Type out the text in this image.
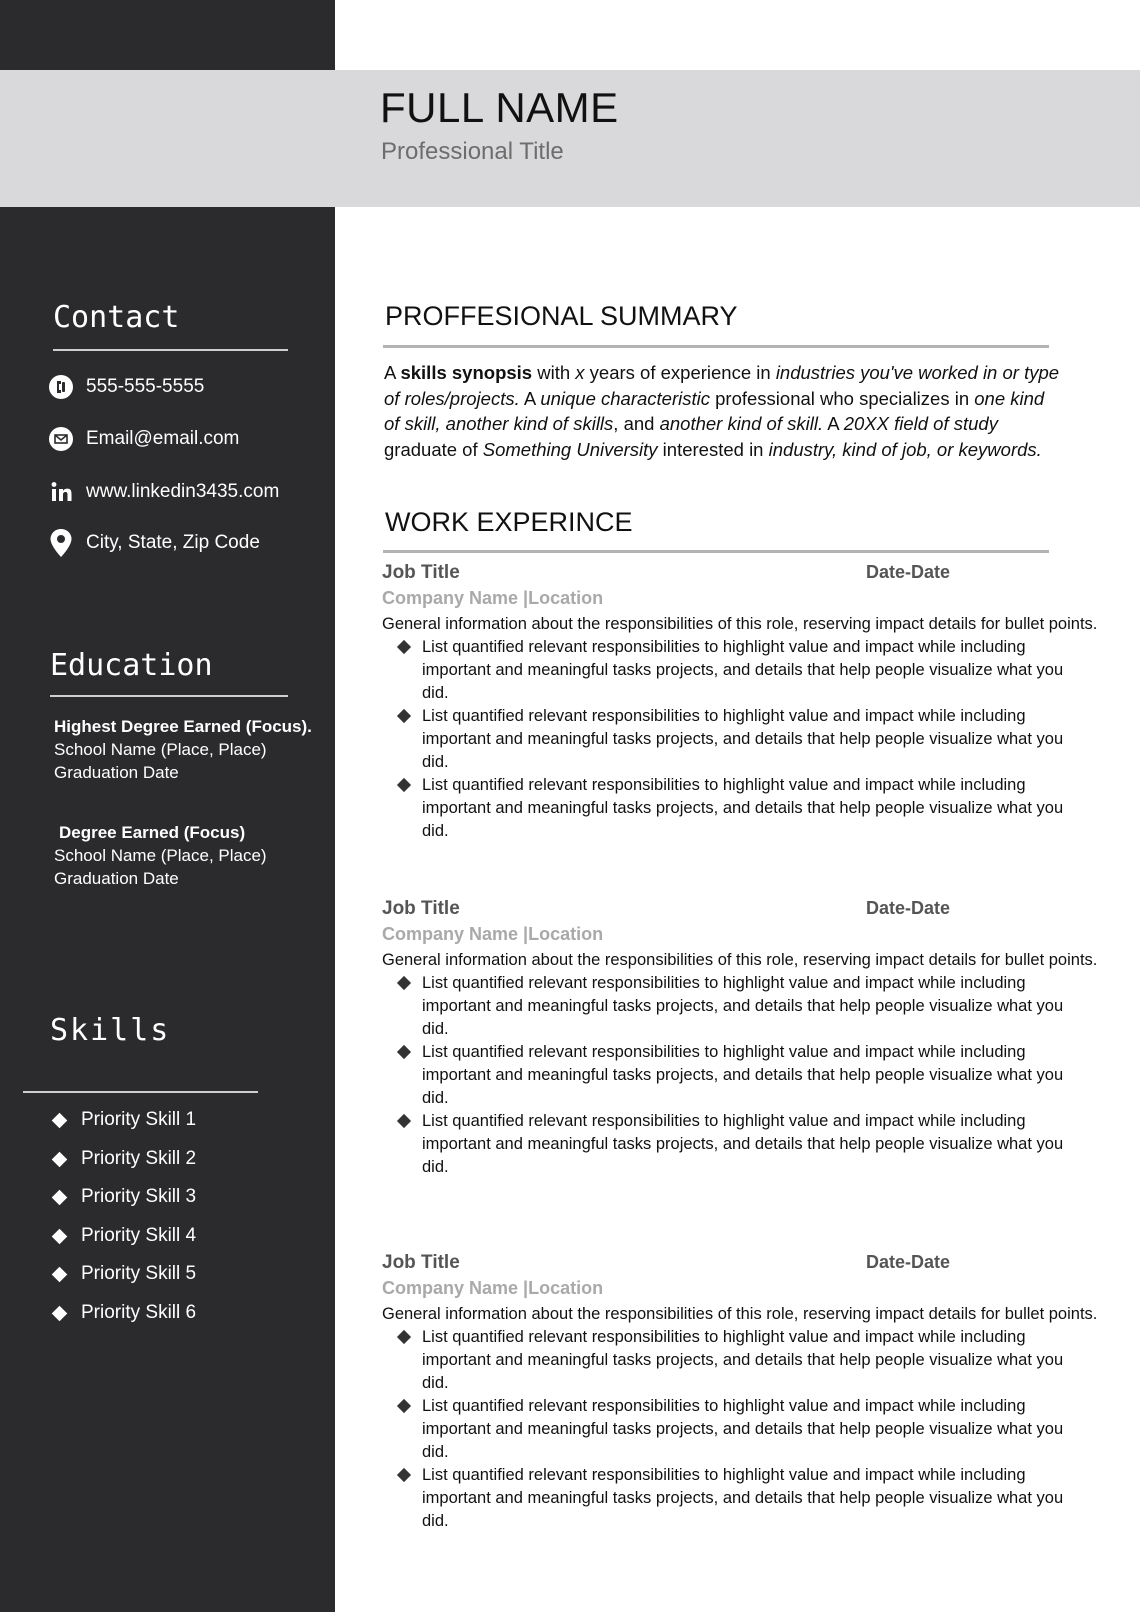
FULL NAME
Professional Title
Contact
555-555-5555
Email@email.com
www.linkedin3435.com
City, State, Zip Code
Education
Highest Degree Earned (Focus).
School Name (Place, Place)
Graduation Date
Degree Earned (Focus)
School Name (Place, Place)
Graduation Date
Skills
Priority Skill 1
Priority Skill 2
Priority Skill 3
Priority Skill 4
Priority Skill 5
Priority Skill 6
PROFFESIONAL SUMMARY
A skills synopsis with x years of experience in industries you've worked in or type of roles/projects. A unique characteristic professional who specializes in one kind of skill, another kind of skills, and another kind of skill. A 20XX field of study graduate of Something University interested in industry, kind of job, or keywords.
WORK EXPERINCE
Job Title	Date-Date
Company Name |Location
General information about the responsibilities of this role, reserving impact details for bullet points.
List quantified relevant responsibilities to highlight value and impact while including important and meaningful tasks projects, and details that help people visualize what you did.
List quantified relevant responsibilities to highlight value and impact while including important and meaningful tasks projects, and details that help people visualize what you did.
List quantified relevant responsibilities to highlight value and impact while including important and meaningful tasks projects, and details that help people visualize what you did.
Job Title	Date-Date
Company Name |Location
General information about the responsibilities of this role, reserving impact details for bullet points.
List quantified relevant responsibilities to highlight value and impact while including important and meaningful tasks projects, and details that help people visualize what you did.
List quantified relevant responsibilities to highlight value and impact while including important and meaningful tasks projects, and details that help people visualize what you did.
List quantified relevant responsibilities to highlight value and impact while including important and meaningful tasks projects, and details that help people visualize what you did.
Job Title	Date-Date
Company Name |Location
General information about the responsibilities of this role, reserving impact details for bullet points.
List quantified relevant responsibilities to highlight value and impact while including important and meaningful tasks projects, and details that help people visualize what you did.
List quantified relevant responsibilities to highlight value and impact while including important and meaningful tasks projects, and details that help people visualize what you did.
List quantified relevant responsibilities to highlight value and impact while including important and meaningful tasks projects, and details that help people visualize what you did.
